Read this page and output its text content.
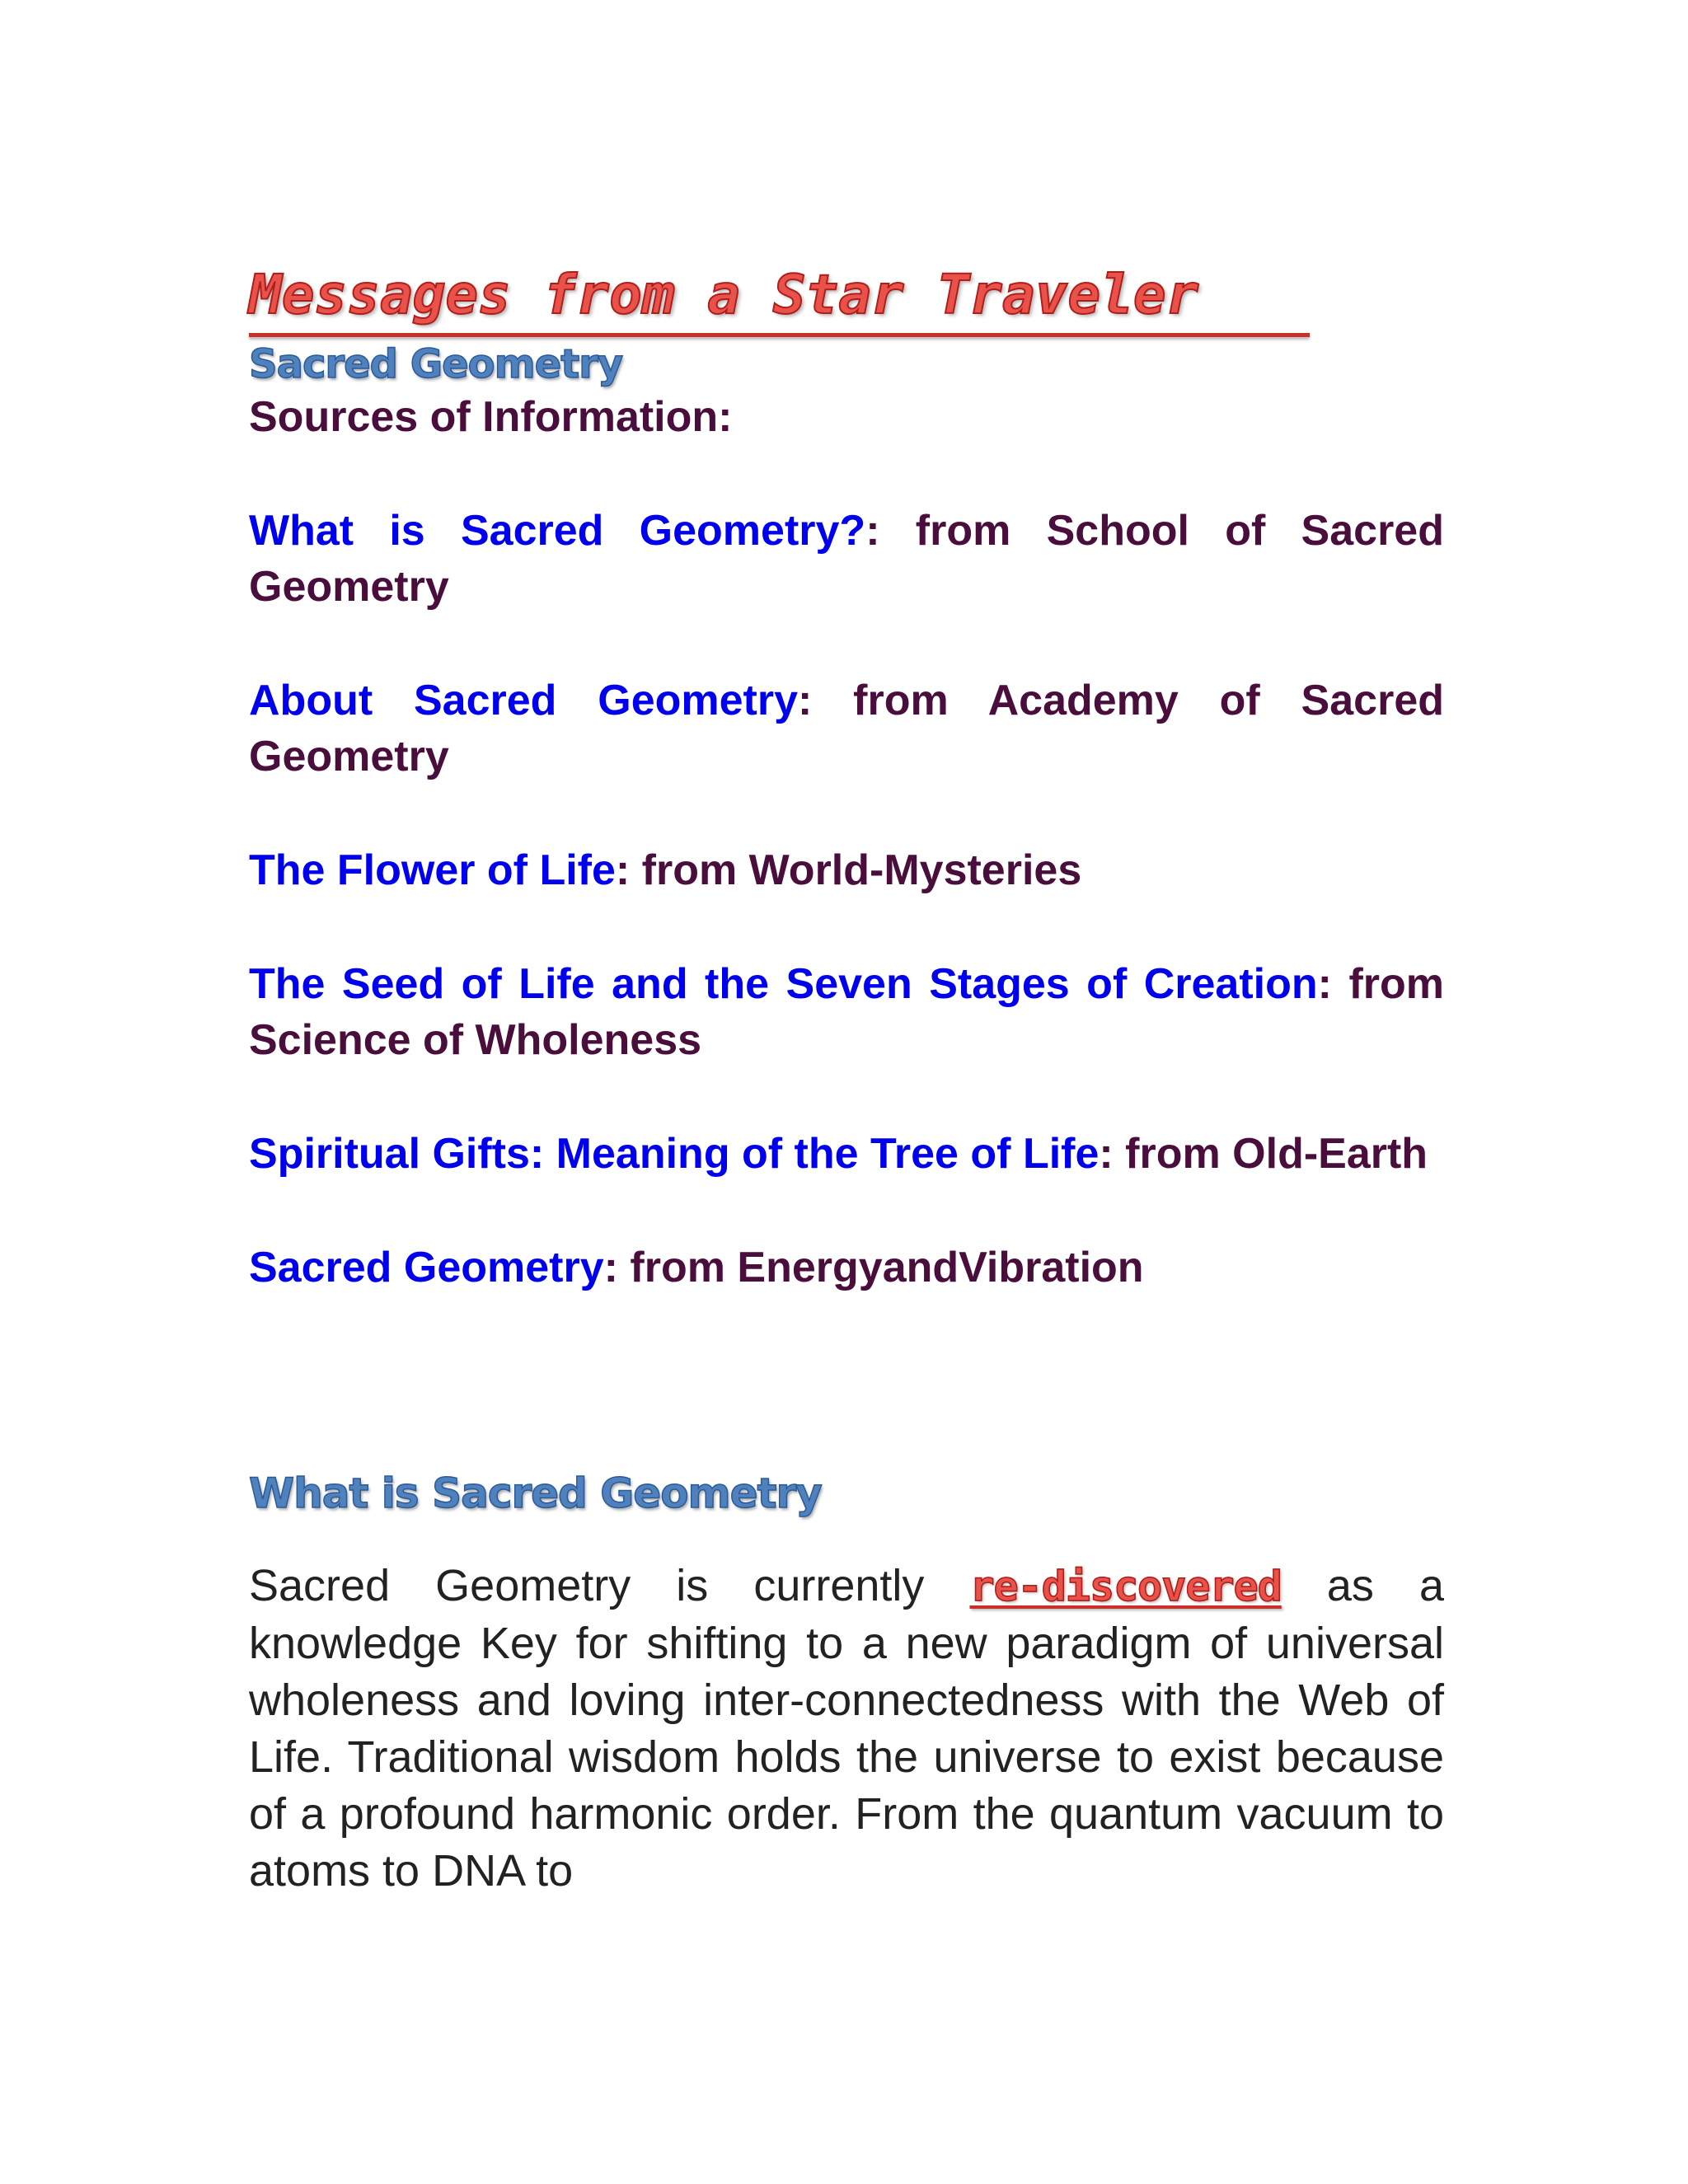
Messages from a Star Traveler
Sacred Geometry
Sources of Information:
What is Sacred Geometry?: from School of Sacred Geometry
About Sacred Geometry: from Academy of Sacred Geometry
The Flower of Life: from World-Mysteries
The Seed of Life and the Seven Stages of Creation: from Science of Wholeness
Spiritual Gifts: Meaning of the Tree of Life: from Old-Earth
Sacred Geometry: from EnergyandVibration
What is Sacred Geometry
Sacred Geometry is currently re-discovered as a knowledge Key for shifting to a new paradigm of universal wholeness and loving inter-connectedness with the Web of Life. Traditional wisdom holds the universe to exist because of a profound harmonic order. From the quantum vacuum to atoms to DNA to
